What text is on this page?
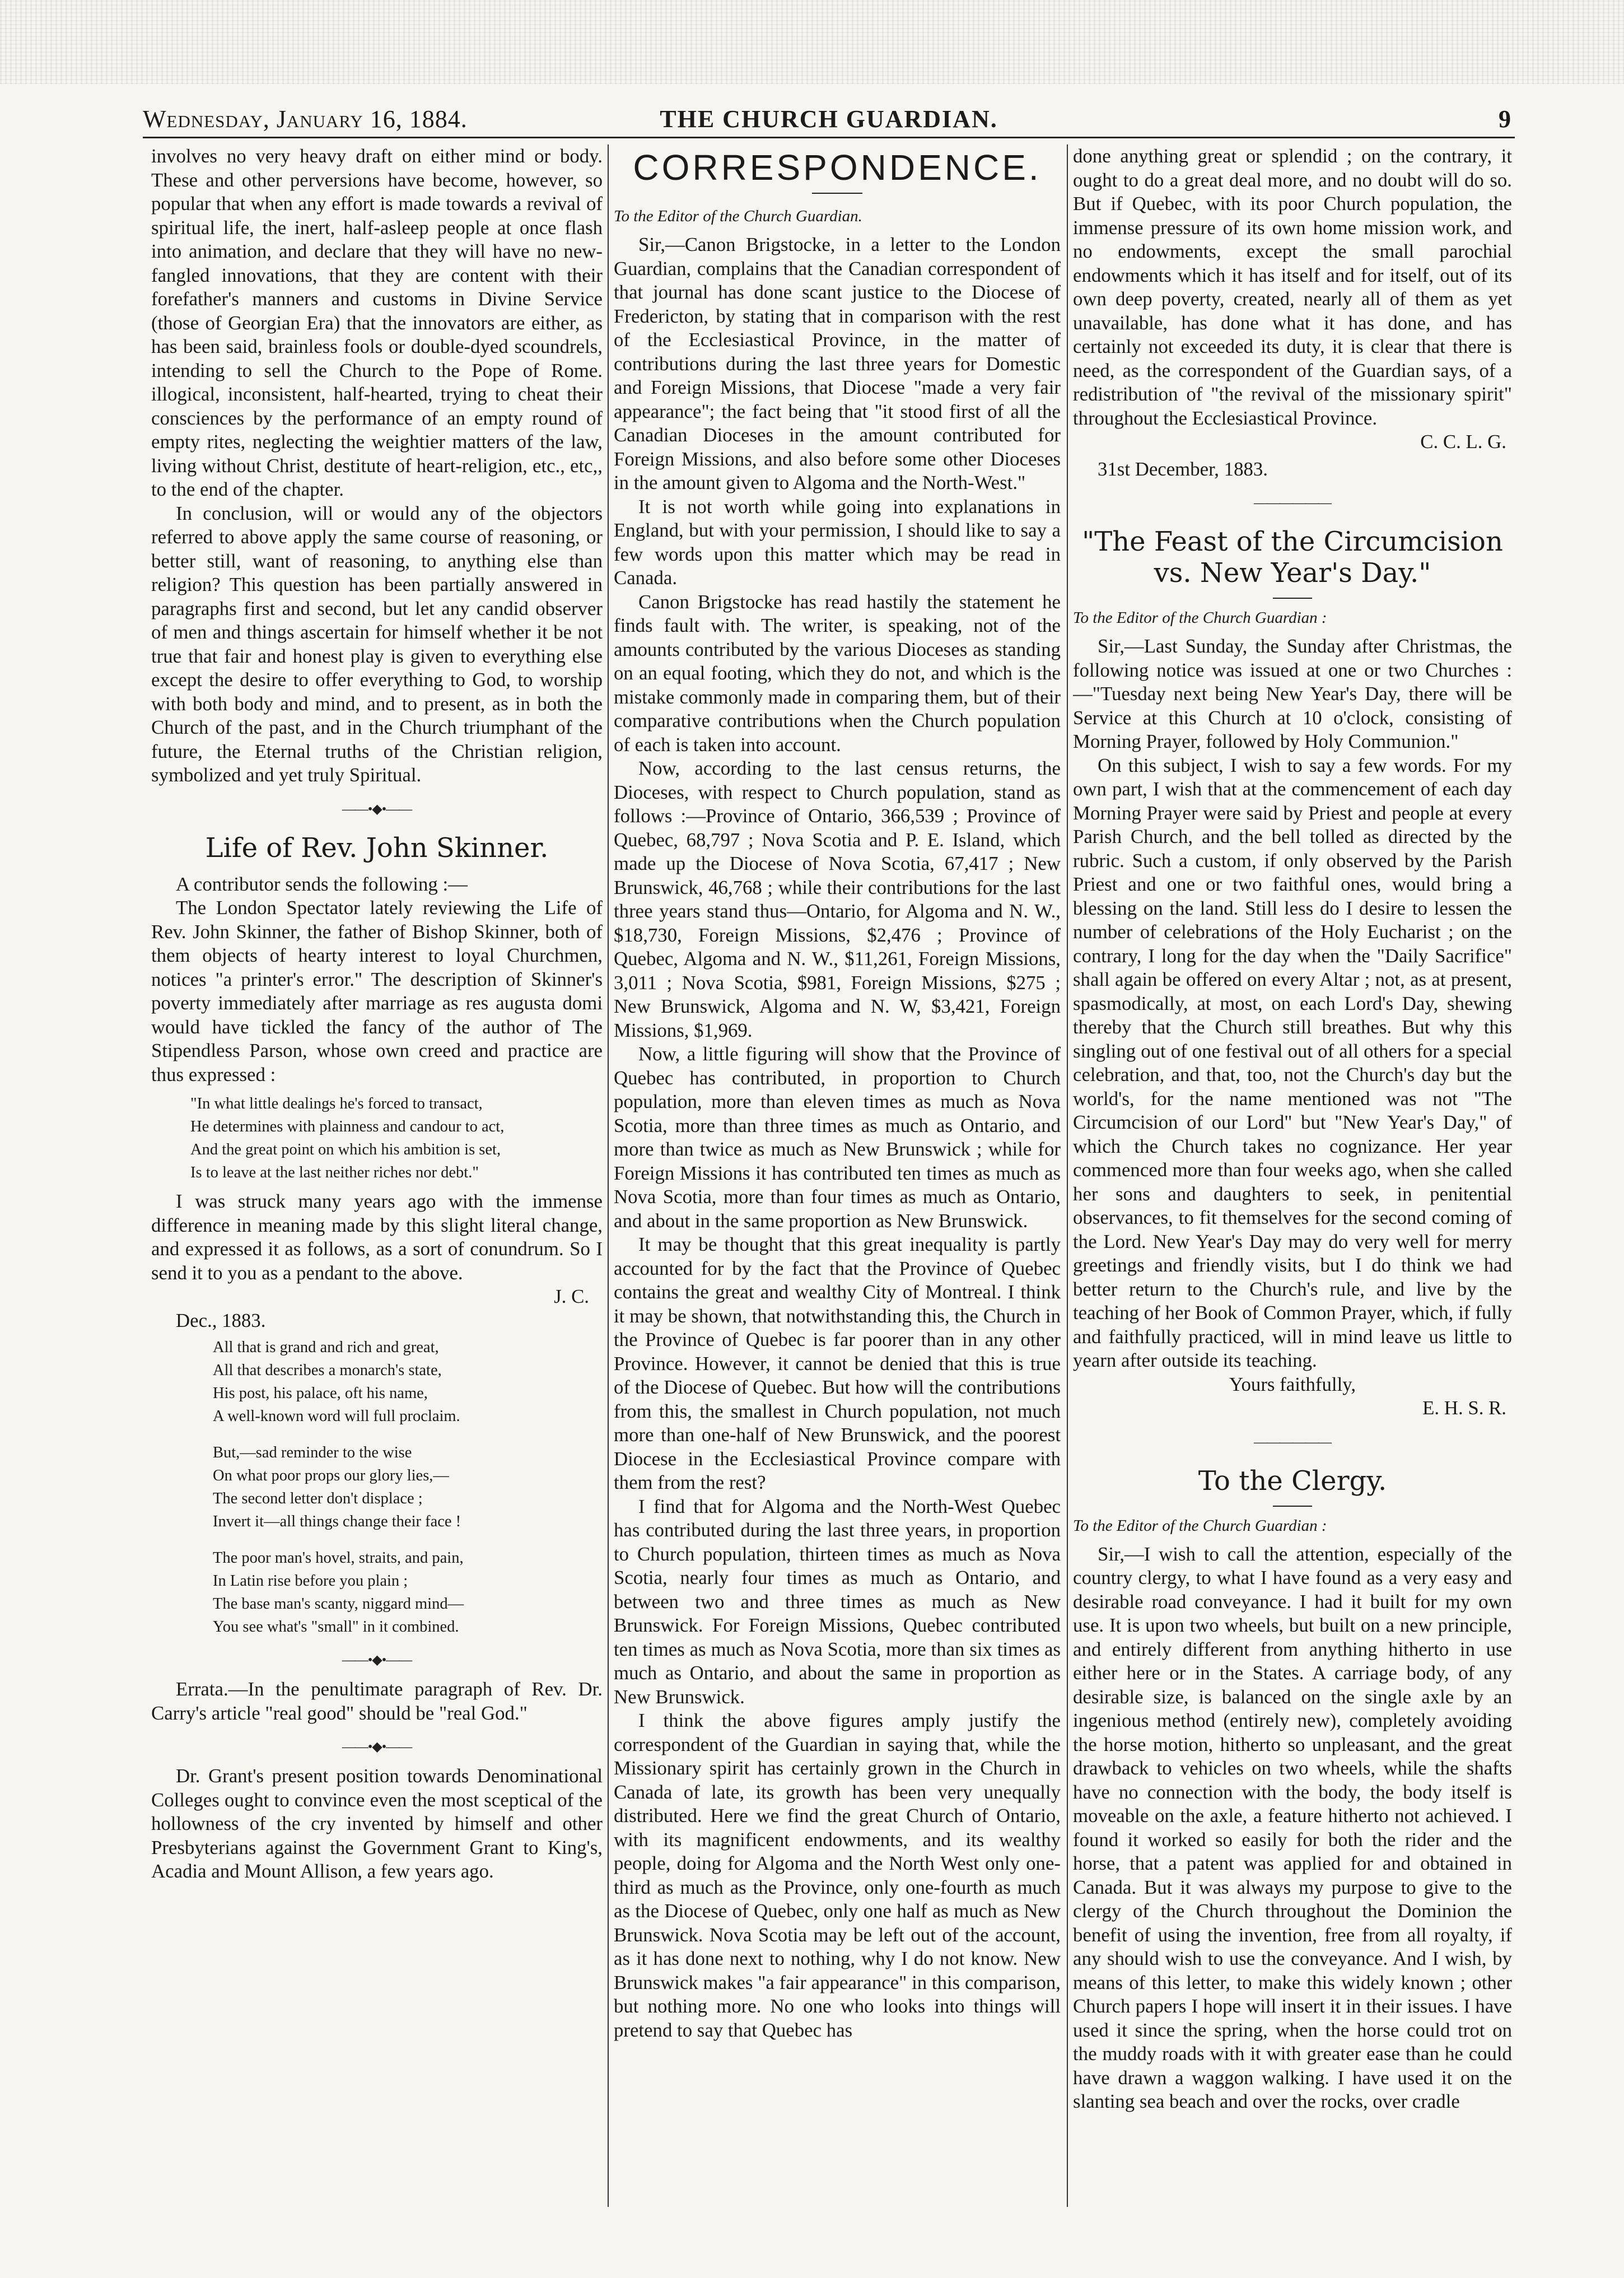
Wednesday, January 16, 1884.	THE CHURCH GUARDIAN.	9

involves no very heavy draft on either mind or body. These and other perversions have become, however, so popular that when any effort is made towards a revival of spiritual life, the inert, half-asleep people at once flash into animation, and declare that they will have no new-fangled innovations, that they are content with their forefather's manners and customs in Divine Service (those of Georgian Era) that the innovators are either, as has been said, brainless fools or double-dyed scoundrels, intending to sell the Church to the Pope of Rome. illogical, inconsistent, half-hearted, trying to cheat their consciences by the performance of an empty round of empty rites, neglecting the weightier matters of the law, living without Christ, destitute of heart-religion, etc., etc,, to the end of the chapter.

In conclusion, will or would any of the objectors referred to above apply the same course of reasoning, or better still, want of reasoning, to anything else than religion? This question has been partially answered in paragraphs first and second, but let any candid observer of men and things ascertain for himself whether it be not true that fair and honest play is given to everything else except the desire to offer everything to God, to worship with both body and mind, and to present, as in both the Church of the past, and in the Church triumphant of the future, the Eternal truths of the Christian religion, symbolized and yet truly Spiritual.

——•◆•——
Life of Rev. John Skinner.

A contributor sends the following :—

The London Spectator lately reviewing the Life of Rev. John Skinner, the father of Bishop Skinner, both of them objects of hearty interest to loyal Churchmen, notices "a printer's error." The description of Skinner's poverty immediately after marriage as res augusta domi would have tickled the fancy of the author of The Stipendless Parson, whose own creed and practice are thus expressed :

"In what little dealings he's forced to transact,
He determines with plainness and candour to act,
And the great point on which his ambition is set,
Is to leave at the last neither riches nor debt."

I was struck many years ago with the immense difference in meaning made by this slight literal change, and expressed it as follows, as a sort of conundrum. So I send it to you as a pendant to the above.

J. C.

Dec., 1883.

All that is grand and rich and great,
All that describes a monarch's state,
His post, his palace, oft his name,
A well-known word will full proclaim.
But,—sad reminder to the wise
On what poor props our glory lies,—
The second letter don't displace ;
Invert it—all things change their face !
The poor man's hovel, straits, and pain,
In Latin rise before you plain ;
The base man's scanty, niggard mind—
You see what's "small" in it combined.
——•◆•——

Errata.—In the penultimate paragraph of Rev. Dr. Carry's article "real good" should be "real God."

——•◆•——

Dr. Grant's present position towards Denominational Colleges ought to convince even the most sceptical of the hollowness of the cry invented by himself and other Presbyterians against the Government Grant to King's, Acadia and Mount Allison, a few years ago.

CORRESPONDENCE.

To the Editor of the Church Guardian.

Sir,—Canon Brigstocke, in a letter to the London Guardian, complains that the Canadian correspondent of that journal has done scant justice to the Diocese of Fredericton, by stating that in comparison with the rest of the Ecclesiastical Province, in the matter of contributions during the last three years for Domestic and Foreign Missions, that Diocese "made a very fair appearance"; the fact being that "it stood first of all the Canadian Dioceses in the amount contributed for Foreign Missions, and also before some other Dioceses in the amount given to Algoma and the North-West."

It is not worth while going into explanations in England, but with your permission, I should like to say a few words upon this matter which may be read in Canada.

Canon Brigstocke has read hastily the statement he finds fault with. The writer, is speaking, not of the amounts contributed by the various Dioceses as standing on an equal footing, which they do not, and which is the mistake commonly made in comparing them, but of their comparative contributions when the Church population of each is taken into account.

Now, according to the last census returns, the Dioceses, with respect to Church population, stand as follows :—Province of Ontario, 366,539 ; Province of Quebec, 68,797 ; Nova Scotia and P. E. Island, which made up the Diocese of Nova Scotia, 67,417 ; New Brunswick, 46,768 ; while their contributions for the last three years stand thus—Ontario, for Algoma and N. W., $18,730, Foreign Missions, $2,476 ; Province of Quebec, Algoma and N. W., $11,261, Foreign Missions, 3,011 ; Nova Scotia, $981, Foreign Missions, $275 ; New Brunswick, Algoma and N. W, $3,421, Foreign Missions, $1,969.

Now, a little figuring will show that the Province of Quebec has contributed, in proportion to Church population, more than eleven times as much as Nova Scotia, more than three times as much as Ontario, and more than twice as much as New Brunswick ; while for Foreign Missions it has contributed ten times as much as Nova Scotia, more than four times as much as Ontario, and about in the same proportion as New Brunswick.

It may be thought that this great inequality is partly accounted for by the fact that the Province of Quebec contains the great and wealthy City of Montreal. I think it may be shown, that notwithstanding this, the Church in the Province of Quebec is far poorer than in any other Province. However, it cannot be denied that this is true of the Diocese of Quebec. But how will the contributions from this, the smallest in Church population, not much more than one-half of New Brunswick, and the poorest Diocese in the Ecclesiastical Province compare with them from the rest?

I find that for Algoma and the North-West Quebec has contributed during the last three years, in proportion to Church population, thirteen times as much as Nova Scotia, nearly four times as much as Ontario, and between two and three times as much as New Brunswick. For Foreign Missions, Quebec contributed ten times as much as Nova Scotia, more than six times as much as Ontario, and about the same in proportion as New Brunswick.

I think the above figures amply justify the correspondent of the Guardian in saying that, while the Missionary spirit has certainly grown in the Church in Canada of late, its growth has been very unequally distributed. Here we find the great Church of Ontario, with its magnificent endowments, and its wealthy people, doing for Algoma and the North West only one-third as much as the Province, only one-fourth as much as the Diocese of Quebec, only one half as much as New Brunswick. Nova Scotia may be left out of the account, as it has done next to nothing, why I do not know. New Brunswick makes "a fair appearance" in this comparison, but nothing more. No one who looks into things will pretend to say that Quebec has

done anything great or splendid ; on the contrary, it ought to do a great deal more, and no doubt will do so. But if Quebec, with its poor Church population, the immense pressure of its own home mission work, and no endowments, except the small parochial endowments which it has itself and for itself, out of its own deep poverty, created, nearly all of them as yet unavailable, has done what it has done, and has certainly not exceeded its duty, it is clear that there is need, as the correspondent of the Guardian says, of a redistribution of "the revival of the missionary spirit" throughout the Ecclesiastical Province.

C. C. L. G.

31st December, 1883.

——————
"The Feast of the Circumcision vs. New Year's Day."

To the Editor of the Church Guardian :

Sir,—Last Sunday, the Sunday after Christmas, the following notice was issued at one or two Churches :—"Tuesday next being New Year's Day, there will be Service at this Church at 10 o'clock, consisting of Morning Prayer, followed by Holy Communion."

On this subject, I wish to say a few words. For my own part, I wish that at the commencement of each day Morning Prayer were said by Priest and people at every Parish Church, and the bell tolled as directed by the rubric. Such a custom, if only observed by the Parish Priest and one or two faithful ones, would bring a blessing on the land. Still less do I desire to lessen the number of celebrations of the Holy Eucharist ; on the contrary, I long for the day when the "Daily Sacrifice" shall again be offered on every Altar ; not, as at present, spasmodically, at most, on each Lord's Day, shewing thereby that the Church still breathes. But why this singling out of one festival out of all others for a special celebration, and that, too, not the Church's day but the world's, for the name mentioned was not "The Circumcision of our Lord" but "New Year's Day," of which the Church takes no cognizance. Her year commenced more than four weeks ago, when she called her sons and daughters to seek, in penitential observances, to fit themselves for the second coming of the Lord. New Year's Day may do very well for merry greetings and friendly visits, but I do think we had better return to the Church's rule, and live by the teaching of her Book of Common Prayer, which, if fully and faithfully practiced, will in mind leave us little to yearn after outside its teaching.

Yours faithfully,

E. H. S. R.

——————
To the Clergy.

To the Editor of the Church Guardian :

Sir,—I wish to call the attention, especially of the country clergy, to what I have found as a very easy and desirable road conveyance. I had it built for my own use. It is upon two wheels, but built on a new principle, and entirely different from anything hitherto in use either here or in the States. A carriage body, of any desirable size, is balanced on the single axle by an ingenious method (entirely new), completely avoiding the horse motion, hitherto so unpleasant, and the great drawback to vehicles on two wheels, while the shafts have no connection with the body, the body itself is moveable on the axle, a feature hitherto not achieved. I found it worked so easily for both the rider and the horse, that a patent was applied for and obtained in Canada. But it was always my purpose to give to the clergy of the Church throughout the Dominion the benefit of using the invention, free from all royalty, if any should wish to use the conveyance. And I wish, by means of this letter, to make this widely known ; other Church papers I hope will insert it in their issues. I have used it since the spring, when the horse could trot on the muddy roads with it with greater ease than he could have drawn a waggon walking. I have used it on the slanting sea beach and over the rocks, over cradle
